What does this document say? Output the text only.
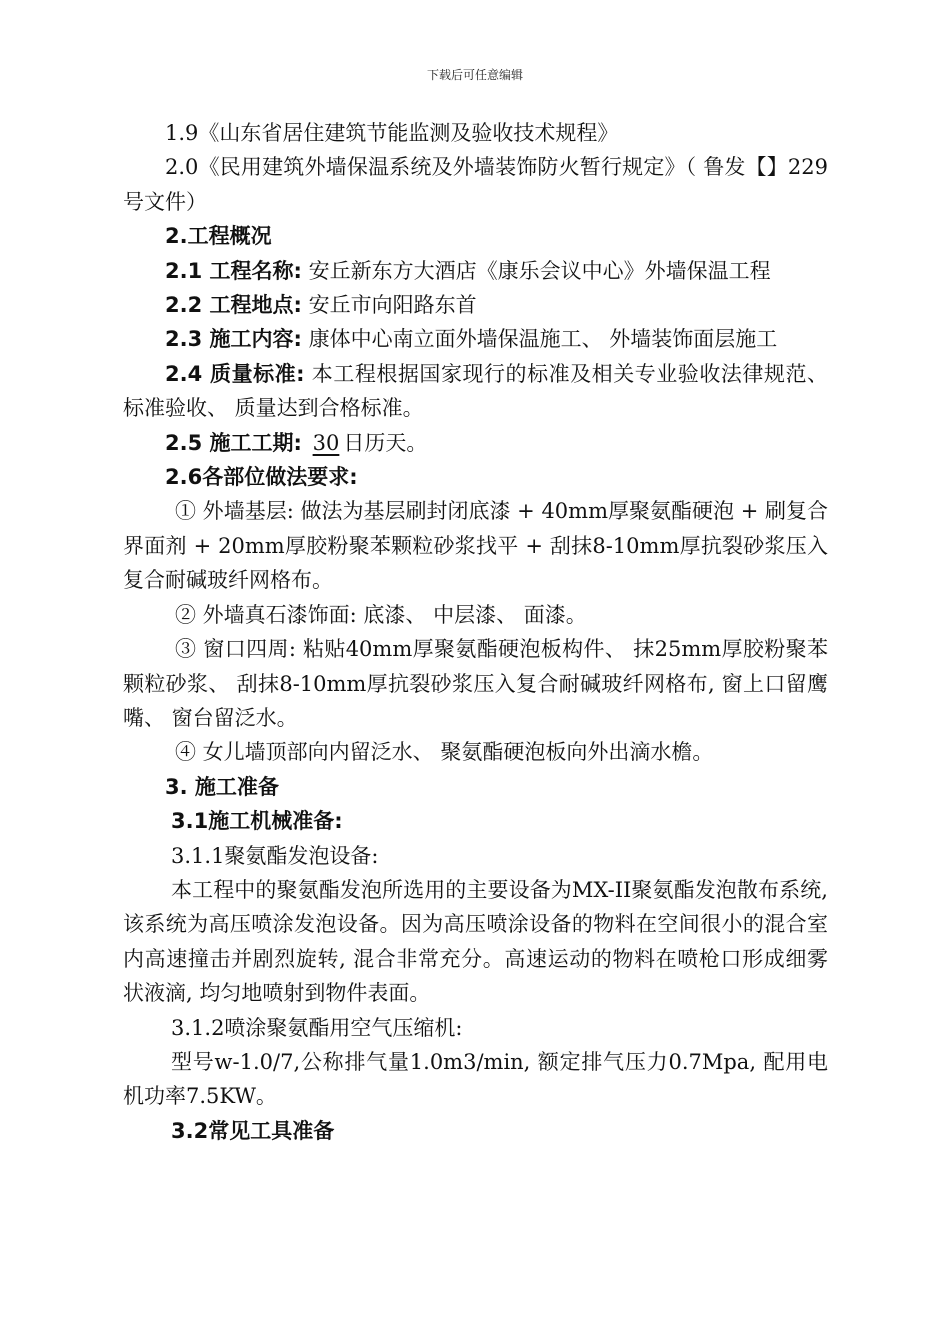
下载后可任意编辑

1.9《山东省居住建筑节能监测及验收技术规程》

2.0《民用建筑外墙保温系统及外墙装饰防火暂行规定》（ 鲁发【】229 号文件）

2.工程概况

2.1 工程名称: 安丘新东方大酒店《康乐会议中心》外墙保温工程

2.2 工程地点: 安丘市向阳路东首

2.3 施工内容: 康体中心南立面外墙保温施工、 外墙装饰面层施工

2.4 质量标准: 本工程根据国家现行的标准及相关专业验收法律规范、 标准验收、 质量达到合格标准。

2.5 施工工期: 30 日历天。

2.6各部位做法要求:

① 外墙基层: 做法为基层刷封闭底漆 + 40mm厚聚氨酯硬泡 + 刷复合界面剂 + 20mm厚胶粉聚苯颗粒砂浆找平 + 刮抹8-10mm厚抗裂砂浆压入复合耐碱玻纤网格布。

② 外墙真石漆饰面: 底漆、 中层漆、 面漆。

③ 窗口四周: 粘贴40mm厚聚氨酯硬泡板构件、 抹25mm厚胶粉聚苯颗粒砂浆、 刮抹8-10mm厚抗裂砂浆压入复合耐碱玻纤网格布, 窗上口留鹰嘴、 窗台留泛水。

④ 女儿墙顶部向内留泛水、 聚氨酯硬泡板向外出滴水檐。

3. 施工准备

3.1施工机械准备:

3.1.1聚氨酯发泡设备:

本工程中的聚氨酯发泡所选用的主要设备为MX-II聚氨酯发泡散布系统, 该系统为高压喷涂发泡设备。因为高压喷涂设备的物料在空间很小的混合室内高速撞击并剧烈旋转, 混合非常充分。高速运动的物料在喷枪口形成细雾状液滴, 均匀地喷射到物件表面。

3.1.2喷涂聚氨酯用空气压缩机:

型号w-1.0/7,公称排气量1.0m3/min, 额定排气压力0.7Mpa, 配用电机功率7.5KW。

3.2常见工具准备
